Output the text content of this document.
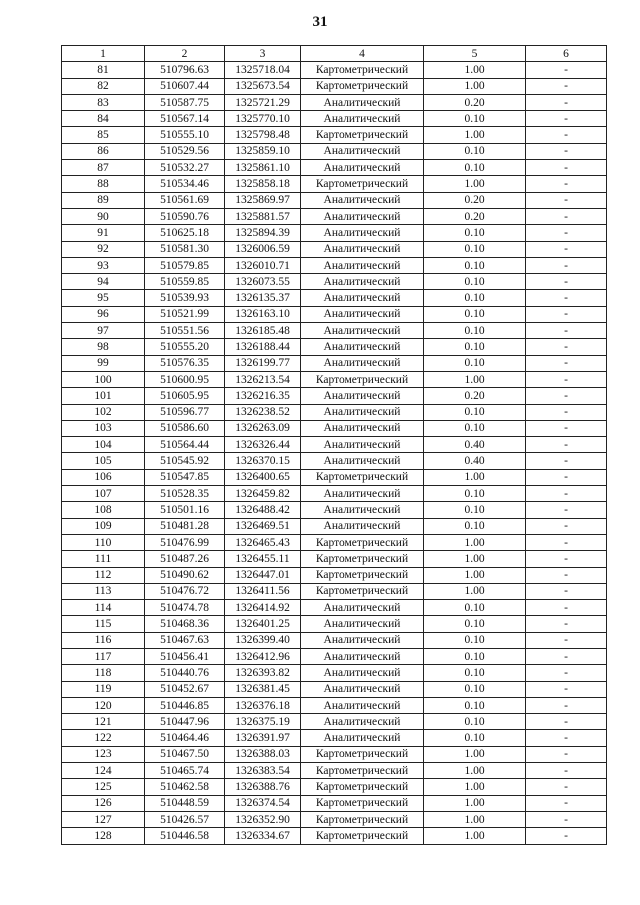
31
1	2	3	4	5	6
81	510796.63	1325718.04	Картометрический	1.00	-
82	510607.44	1325673.54	Картометрический	1.00	-
83	510587.75	1325721.29	Аналитический	0.20	-
84	510567.14	1325770.10	Аналитический	0.10	-
85	510555.10	1325798.48	Картометрический	1.00	-
86	510529.56	1325859.10	Аналитический	0.10	-
87	510532.27	1325861.10	Аналитический	0.10	-
88	510534.46	1325858.18	Картометрический	1.00	-
89	510561.69	1325869.97	Аналитический	0.20	-
90	510590.76	1325881.57	Аналитический	0.20	-
91	510625.18	1325894.39	Аналитический	0.10	-
92	510581.30	1326006.59	Аналитический	0.10	-
93	510579.85	1326010.71	Аналитический	0.10	-
94	510559.85	1326073.55	Аналитический	0.10	-
95	510539.93	1326135.37	Аналитический	0.10	-
96	510521.99	1326163.10	Аналитический	0.10	-
97	510551.56	1326185.48	Аналитический	0.10	-
98	510555.20	1326188.44	Аналитический	0.10	-
99	510576.35	1326199.77	Аналитический	0.10	-
100	510600.95	1326213.54	Картометрический	1.00	-
101	510605.95	1326216.35	Аналитический	0.20	-
102	510596.77	1326238.52	Аналитический	0.10	-
103	510586.60	1326263.09	Аналитический	0.10	-
104	510564.44	1326326.44	Аналитический	0.40	-
105	510545.92	1326370.15	Аналитический	0.40	-
106	510547.85	1326400.65	Картометрический	1.00	-
107	510528.35	1326459.82	Аналитический	0.10	-
108	510501.16	1326488.42	Аналитический	0.10	-
109	510481.28	1326469.51	Аналитический	0.10	-
110	510476.99	1326465.43	Картометрический	1.00	-
111	510487.26	1326455.11	Картометрический	1.00	-
112	510490.62	1326447.01	Картометрический	1.00	-
113	510476.72	1326411.56	Картометрический	1.00	-
114	510474.78	1326414.92	Аналитический	0.10	-
115	510468.36	1326401.25	Аналитический	0.10	-
116	510467.63	1326399.40	Аналитический	0.10	-
117	510456.41	1326412.96	Аналитический	0.10	-
118	510440.76	1326393.82	Аналитический	0.10	-
119	510452.67	1326381.45	Аналитический	0.10	-
120	510446.85	1326376.18	Аналитический	0.10	-
121	510447.96	1326375.19	Аналитический	0.10	-
122	510464.46	1326391.97	Аналитический	0.10	-
123	510467.50	1326388.03	Картометрический	1.00	-
124	510465.74	1326383.54	Картометрический	1.00	-
125	510462.58	1326388.76	Картометрический	1.00	-
126	510448.59	1326374.54	Картометрический	1.00	-
127	510426.57	1326352.90	Картометрический	1.00	-
128	510446.58	1326334.67	Картометрический	1.00	-
